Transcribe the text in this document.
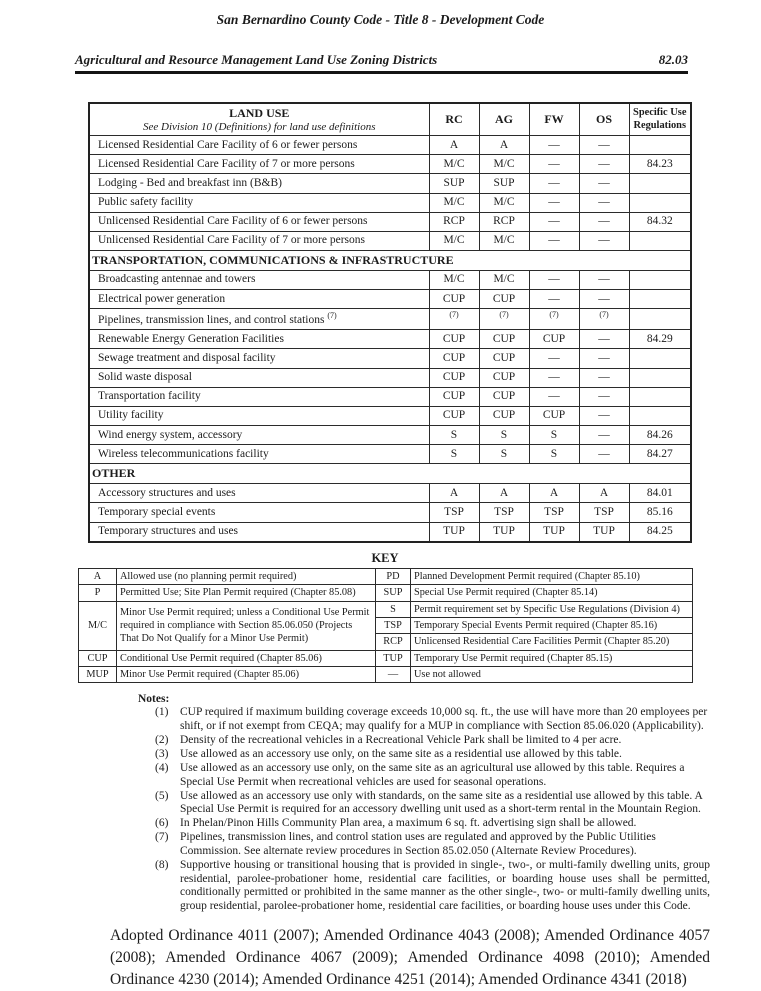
San Bernardino County Code - Title 8 - Development Code
Agricultural and Resource Management Land Use Zoning Districts	82.03
LAND USE
See Division 10 (Definitions) for land use definitions	RC	AG	FW	OS	Specific Use Regulations
Licensed Residential Care Facility of 6 or fewer persons	A	A	—	—	
Licensed Residential Care Facility of 7 or more persons	M/C	M/C	—	—	84.23
Lodging - Bed and breakfast inn (B&B)	SUP	SUP	—	—	
Public safety facility	M/C	M/C	—	—	
Unlicensed Residential Care Facility of 6 or fewer persons	RCP	RCP	—	—	84.32
Unlicensed Residential Care Facility of 7 or more persons	M/C	M/C	—	—	
TRANSPORTATION, COMMUNICATIONS & INFRASTRUCTURE					
Broadcasting antennae and towers	M/C	M/C	—	—	
Electrical power generation	CUP	CUP	—	—	
Pipelines, transmission lines, and control stations $^{(7)}$	(7)	(7)	(7)	(7)	
Renewable Energy Generation Facilities	CUP	CUP	CUP	—	84.29
Sewage treatment and disposal facility	CUP	CUP	—	—	
Solid waste disposal	CUP	CUP	—	—	
Transportation facility	CUP	CUP	—	—	
Utility facility	CUP	CUP	CUP	—	
Wind energy system, accessory	S	S	S	—	84.26
Wireless telecommunications facility	S	S	S	—	84.27
OTHER					
Accessory structures and uses	A	A	A	A	84.01
Temporary special events	TSP	TSP	TSP	TSP	85.16
Temporary structures and uses	TUP	TUP	TUP	TUP	84.25
KEY
A	Allowed use (no planning permit required)	PD	Planned Development Permit required (Chapter 85.10)
P	Permitted Use; Site Plan Permit required (Chapter 85.08)	SUP	Special Use Permit required (Chapter 85.14)
M/C	Minor Use Permit required; unless a Conditional Use Permit required in compliance with Section 85.06.050 (Projects That Do Not Qualify for a Minor Use Permit)	S	Permit requirement set by Specific Use Regulations (Division 4)
		TSP	Temporary Special Events Permit required (Chapter 85.16)
		RCP	Unlicensed Residential Care Facilities Permit (Chapter 85.20)
CUP	Conditional Use Permit required (Chapter 85.06)	TUP	Temporary Use Permit required (Chapter 85.15)
MUP	Minor Use Permit required (Chapter 85.06)	—	Use not allowed
Notes:
(1)	CUP required if maximum building coverage exceeds 10,000 sq. ft., the use will have more than 20 employees per shift, or if not exempt from CEQA; may qualify for a MUP in compliance with Section 85.06.020 (Applicability).
(2)	Density of the recreational vehicles in a Recreational Vehicle Park shall be limited to 4 per acre.
(3)	Use allowed as an accessory use only, on the same site as a residential use allowed by this table.
(4)	Use allowed as an accessory use only, on the same site as an agricultural use allowed by this table. Requires a Special Use Permit when recreational vehicles are used for seasonal operations.
(5)	Use allowed as an accessory use only with standards, on the same site as a residential use allowed by this table. A Special Use Permit is required for an accessory dwelling unit used as a short-term rental in the Mountain Region.
(6)	In Phelan/Pinon Hills Community Plan area, a maximum 6 sq. ft. advertising sign shall be allowed.
(7)	Pipelines, transmission lines, and control station uses are regulated and approved by the Public Utilities Commission. See alternate review procedures in Section 85.02.050 (Alternate Review Procedures).
(8)	Supportive housing or transitional housing that is provided in single-, two-, or multi-family dwelling units, group residential, parolee-probationer home, residential care facilities, or boarding house uses shall be permitted, conditionally permitted or prohibited in the same manner as the other single-, two- or multi-family dwelling units, group residential, parolee-probationer home, residential care facilities, or boarding house uses under this Code.

Adopted Ordinance 4011 (2007); Amended Ordinance 4043 (2008); Amended Ordinance 4057 (2008); Amended Ordinance 4067 (2009); Amended Ordinance 4098 (2010); Amended Ordinance 4230 (2014); Amended Ordinance 4251 (2014); Amended Ordinance 4341 (2018)
